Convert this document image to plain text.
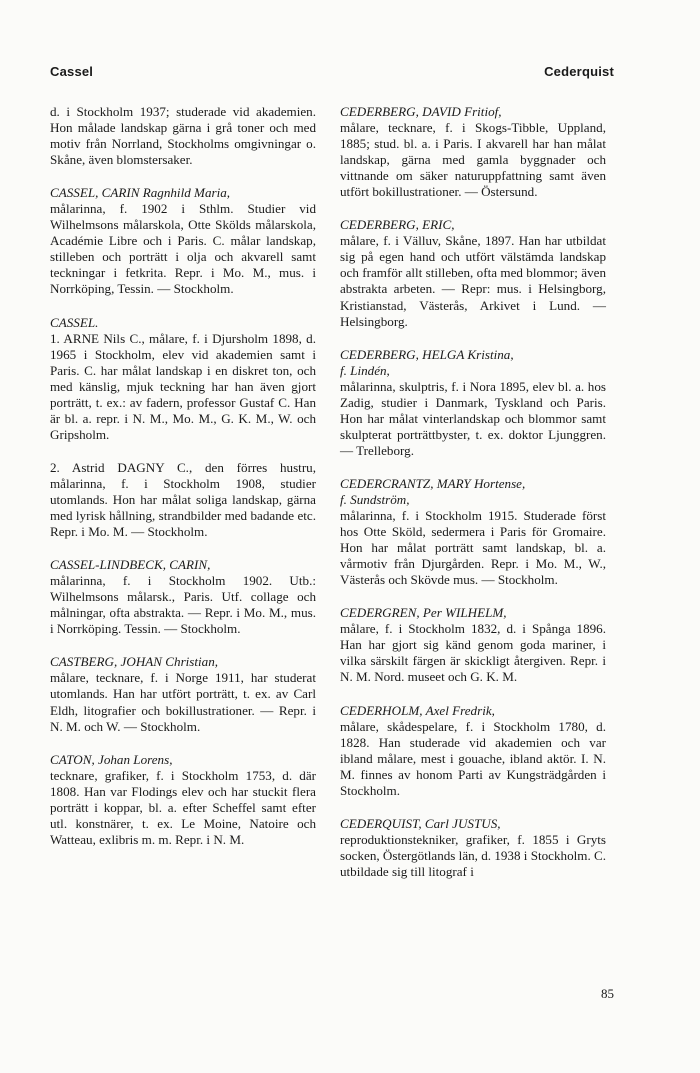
Cassel	Cederquist

d. i Stockholm 1937; studerade vid akademien. Hon målade landskap gärna i grå toner och med motiv från Norrland, Stockholms omgivningar o. Skåne, även blomstersaker.

CASSEL, CARIN Ragnhild Maria,

målarinna, f. 1902 i Sthlm. Studier vid Wilhelmsons målarskola, Otte Skölds målarskola, Académie Libre och i Paris. C. målar landskap, stilleben och porträtt i olja och akvarell samt teckningar i fetkrita. Repr. i Mo. M., mus. i Norrköping, Tessin. — Stockholm.

CASSEL.

1. ARNE Nils C., målare, f. i Djursholm 1898, d. 1965 i Stockholm, elev vid akademien samt i Paris. C. har målat landskap i en diskret ton, och med känslig, mjuk teckning har han även gjort porträtt, t. ex.: av fadern, professor Gustaf C. Han är bl. a. repr. i N. M., Mo. M., G. K. M., W. och Gripsholm.

2. Astrid DAGNY C., den förres hustru, målarinna, f. i Stockholm 1908, studier utomlands. Hon har målat soliga landskap, gärna med lyrisk hållning, strandbilder med badande etc. Repr. i Mo. M. — Stockholm.

CASSEL-LINDBECK, CARIN,

målarinna, f. i Stockholm 1902. Utb.: Wilhelmsons målarsk., Paris. Utf. collage och målningar, ofta abstrakta. — Repr. i Mo. M., mus. i Norrköping. Tessin. — Stockholm.

CASTBERG, JOHAN Christian,

målare, tecknare, f. i Norge 1911, har studerat utomlands. Han har utfört porträtt, t. ex. av Carl Eldh, litografier och bokillustrationer. — Repr. i N. M. och W. — Stockholm.

CATON, Johan Lorens,

tecknare, grafiker, f. i Stockholm 1753, d. där 1808. Han var Flodings elev och har stuckit flera porträtt i koppar, bl. a. efter Scheffel samt efter utl. konstnärer, t. ex. Le Moine, Natoire och Watteau, exlibris m. m. Repr. i N. M.

CEDERBERG, DAVID Fritiof,

målare, tecknare, f. i Skogs-Tibble, Uppland, 1885; stud. bl. a. i Paris. I akvarell har han målat landskap, gärna med gamla byggnader och vittnande om säker naturuppfattning samt även utfört bokillustrationer. — Östersund.

CEDERBERG, ERIC,

målare, f. i Välluv, Skåne, 1897. Han har utbildat sig på egen hand och utfört välstämda landskap och framför allt stilleben, ofta med blommor; även abstrakta arbeten. — Repr: mus. i Helsingborg, Kristianstad, Västerås, Arkivet i Lund. — Helsingborg.

CEDERBERG, HELGA Kristina,
f. Lindén,

målarinna, skulptris, f. i Nora 1895, elev bl. a. hos Zadig, studier i Danmark, Tyskland och Paris. Hon har målat vinterlandskap och blommor samt skulpterat porträttbyster, t. ex. doktor Ljunggren. — Trelleborg.

CEDERCRANTZ, MARY Hortense,
f. Sundström,

målarinna, f. i Stockholm 1915. Studerade först hos Otte Sköld, sedermera i Paris för Gromaire. Hon har målat porträtt samt landskap, bl. a. vårmotiv från Djurgården. Repr. i Mo. M., W., Västerås och Skövde mus. — Stockholm.

CEDERGREN, Per WILHELM,

målare, f. i Stockholm 1832, d. i Spånga 1896. Han har gjort sig känd genom goda mariner, i vilka särskilt färgen är skickligt återgiven. Repr. i N. M. Nord. museet och G. K. M.

CEDERHOLM, Axel Fredrik,

målare, skådespelare, f. i Stockholm 1780, d. 1828. Han studerade vid akademien och var ibland målare, mest i gouache, ibland aktör. I. N. M. finnes av honom Parti av Kungsträdgården i Stockholm.

CEDERQUIST, Carl JUSTUS,

reproduktionstekniker, grafiker, f. 1855 i Gryts socken, Östergötlands län, d. 1938 i Stockholm. C. utbildade sig till litograf i

85
